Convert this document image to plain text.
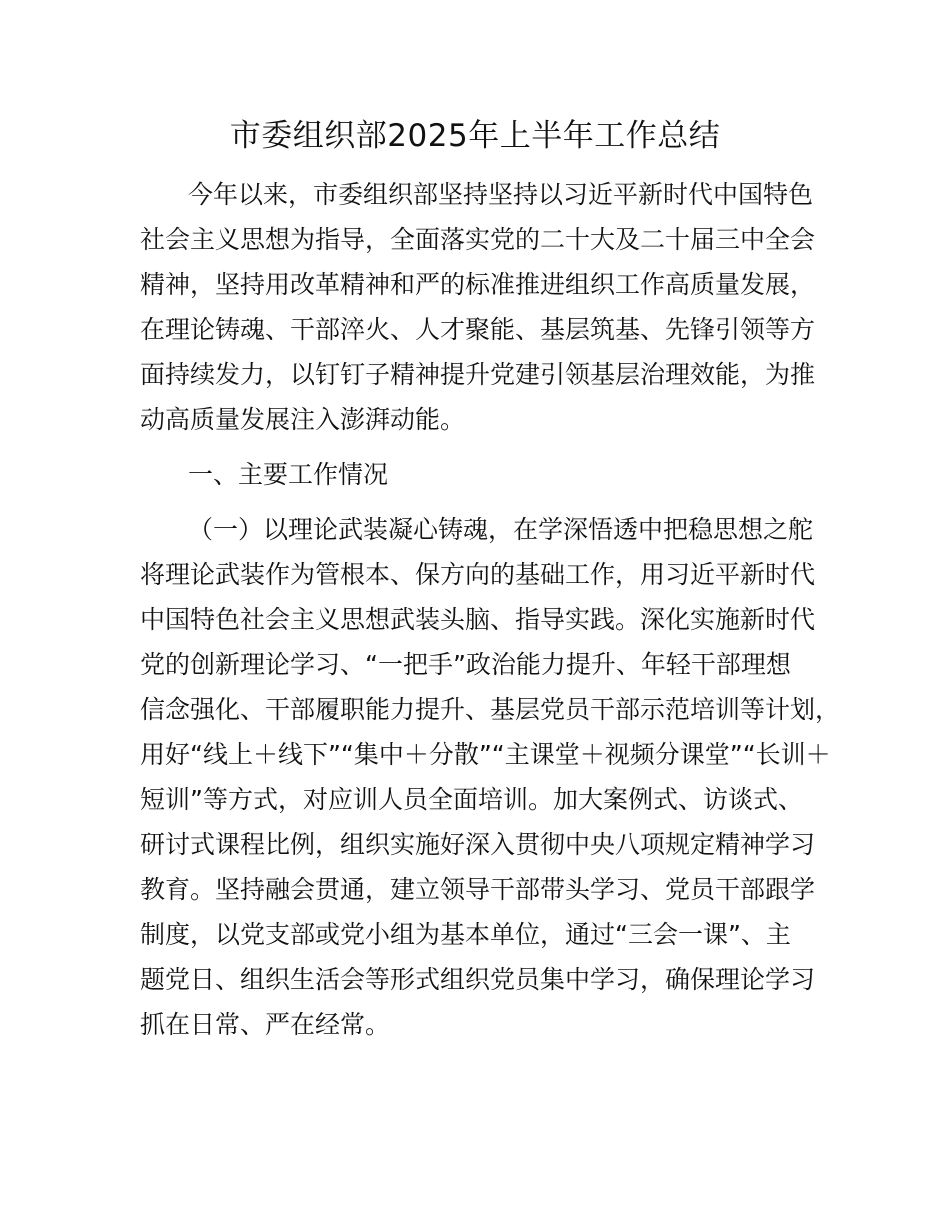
市委组织部2025年上半年工作总结
今年以来，市委组织部坚持坚持以习近平新时代中国特色
社会主义思想为指导，全面落实党的二十大及二十届三中全会
精神，坚持用改革精神和严的标准推进组织工作高质量发展，
在理论铸魂、干部淬火、人才聚能、基层筑基、先锋引领等方
面持续发力，以钉钉子精神提升党建引领基层治理效能，为推
动高质量发展注入澎湃动能。
一、主要工作情况
（一）以理论武装凝心铸魂，在学深悟透中把稳思想之舵
将理论武装作为管根本、保方向的基础工作，用习近平新时代
中国特色社会主义思想武装头脑、指导实践。深化实施新时代
党的创新理论学习、“一把手”政治能力提升、年轻干部理想
信念强化、干部履职能力提升、基层党员干部示范培训等计划，
用好“线上＋线下”“集中＋分散”“主课堂＋视频分课堂”“长训＋
短训”等方式，对应训人员全面培训。加大案例式、访谈式、
研讨式课程比例，组织实施好深入贯彻中央八项规定精神学习
教育。坚持融会贯通，建立领导干部带头学习、党员干部跟学
制度，以党支部或党小组为基本单位，通过“三会一课”、主
题党日、组织生活会等形式组织党员集中学习，确保理论学习
抓在日常、严在经常。
